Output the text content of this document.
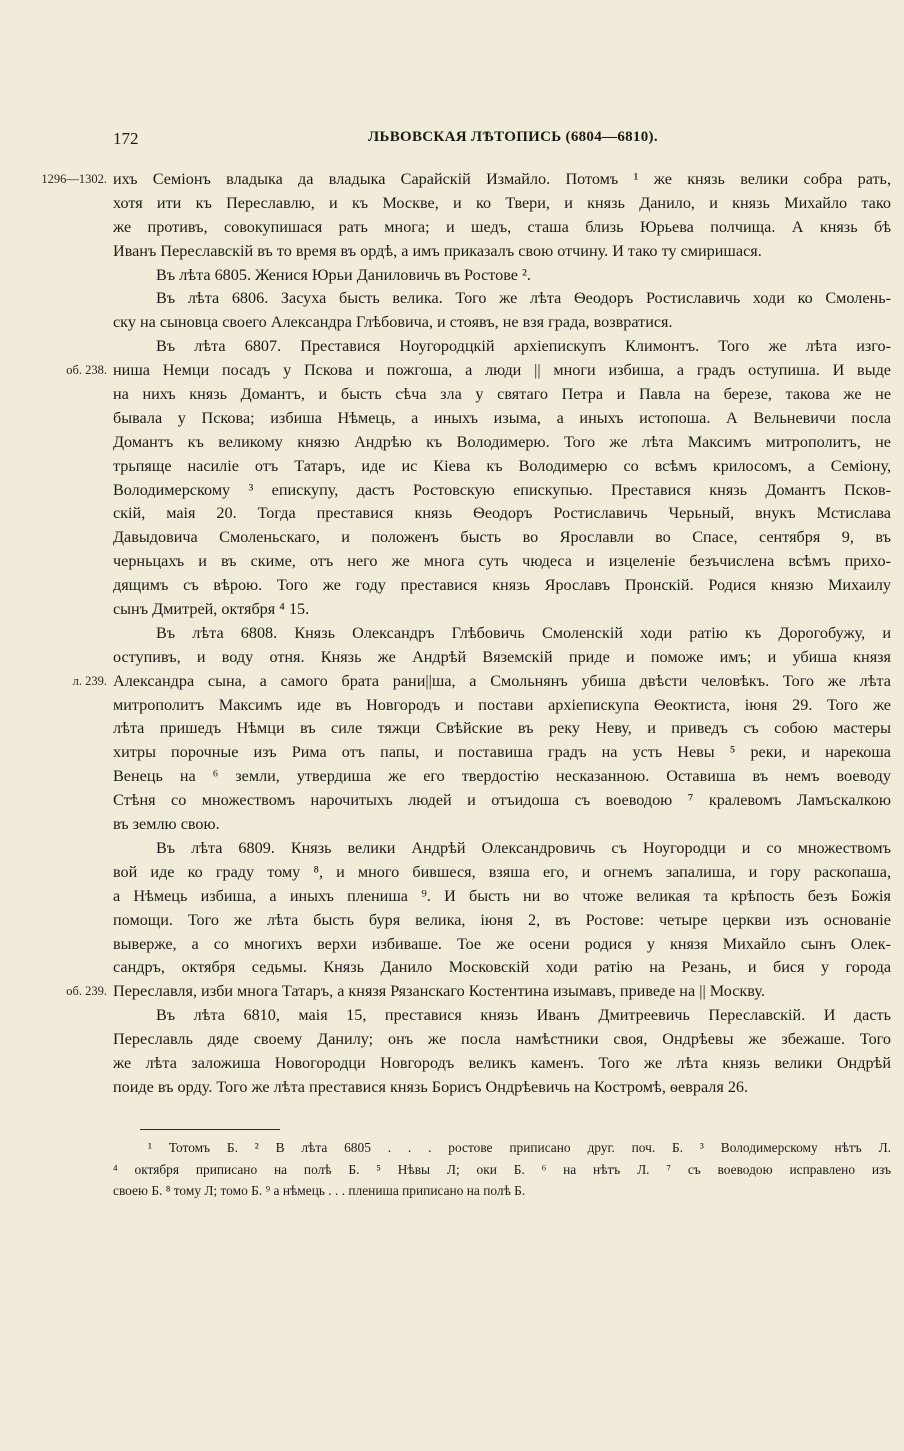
172	ЛЬВОВСКАЯ ЛѢТОПИСЬ (6804—6810).
ихъ Семіонъ владыка да владыка Сарайскій Измайло. Потомъ ¹ же князь велики собра рать,
1296—1302.
хотя ити къ Переславлю, и къ Москве, и ко Твери, и князь Данило, и князь Михайло тако
же противъ, совокупишася рать многа; и шедъ, сташа близь Юрьева полчища. А князь бѣ
Иванъ Переславскій въ то время въ ордѣ, а имъ приказалъ свою отчину. И тако ту смиришася.
Въ лѣта 6805. Женися Юрьи Даниловичь въ Ростове ².
Въ лѣта 6806. Засуха бысть велика. Того же лѣта Ѳеодоръ Ростиславичь ходи ко Смолень-
ску на сыновца своего Александра Глѣбовича, и стоявъ, не взя града, возвратися.
Въ лѣта 6807. Преставися Ноугородцкій архіепискупъ Климонтъ. Того же лѣта изго-
ниша Немци посадъ у Пскова и пожгоша, а люди || многи избиша, а градъ оступиша. И выде
об. 238.
на нихъ князь Домантъ, и бысть сѣча зла у святаго Петра и Павла на березе, такова же не
бывала у Пскова; избиша Нѣмець, а иныхъ изыма, а иныхъ истопоша. А Вельневичи посла
Домантъ къ великому князю Андрѣю къ Володимерю. Того же лѣта Максимъ митрополитъ, не
трьпяще насиліе отъ Татаръ, иде ис Кіева къ Володимерю со всѣмъ крилосомъ, а Семіону,
Володимерскому ³ епискупу, дастъ Ростовскую епискупью. Преставися князь Домантъ Псков-
скій, маія 20. Тогда преставися князь Ѳеодоръ Ростиславичь Черьный, внукъ Мстислава
Давыдовича Смоленьскаго, и положенъ бысть во Ярославли во Спасе, сентября 9, въ
черньцахъ и въ скиме, отъ него же многа суть чюдеса и изцеленіе безъчислена всѣмъ прихо-
дящимъ съ вѣрою. Того же году преставися князь Ярославъ Пронскій. Родися князю Михаилу
сынъ Дмитрей, октября ⁴ 15.
Въ лѣта 6808. Князь Олександръ Глѣбовичь Смоленскій ходи ратію къ Дорогобужу, и
оступивъ, и воду отня. Князь же Андрѣй Вяземскій приде и поможе имъ; и убиша князя
Александра сына, а самого брата рани||ша, а Смольнянъ убиша двѣсти человѣкъ. Того же лѣта
л. 239.
митрополитъ Максимъ иде въ Новгородъ и постави архіепискупа Ѳеоктиста, іюня 29. Того же
лѣта пришедъ Нѣмци въ силе тяжци Свѣйские въ реку Неву, и приведъ съ собою мастеры
хитры порочные изъ Рима отъ папы, и поставиша градъ на усть Невы ⁵ реки, и нарекоша
Венець на ⁶ земли, утвердиша же его твердостію несказанною. Оставиша въ немъ воеводу
Стѣня со множествомъ нарочитыхъ людей и отъидоша съ воеводою ⁷ кралевомъ Ламъскалкою
въ землю свою.
Въ лѣта 6809. Князь велики Андрѣй Олександровичь съ Ноугородци и со множествомъ
вой иде ко граду тому ⁸, и много бившеся, взяша его, и огнемъ запалиша, и гору раскопаша,
а Нѣмець избиша, а иныхъ плениша ⁹. И бысть ни во чтоже великая та крѣпость безъ Божія
помощи. Того же лѣта бысть буря велика, іюня 2, въ Ростове: четыре церкви изъ основаніе
выверже, а со многихъ верхи избиваше. Тое же осени родися у князя Михайло сынъ Олек-
сандръ, октября седьмы. Князь Данило Московскій ходи ратію на Резань, и бися у города
Переславля, изби многа Татаръ, а князя Рязанскаго Костентина изымавъ, приведе на || Москву.
об. 239.
Въ лѣта 6810, маія 15, преставися князь Иванъ Дмитреевичь Переславскій. И дасть
Переславль дяде своему Данилу; онъ же посла намѣстники своя, Ондрѣевы же збежаше. Того
же лѣта заложиша Новогородци Новгородъ великъ каменъ. Того же лѣта князь велики Ондрѣй
поиде въ орду. Того же лѣта преставися князь Борисъ Ондрѣевичь на Костромѣ, ѳевраля 26.
¹ Тотомъ Б. ² В лѣта 6805 . . . ростове приписано друг. поч. Б. ³ Володимерскому нѣтъ Л.
⁴ октября приписано на полѣ Б. ⁵ Нѣвы Л; оки Б. ⁶ на нѣтъ Л. ⁷ съ воеводою исправлено изъ
своею Б. ⁸ тому Л; томо Б. ⁹ а нѣмець . . . плениша приписано на полѣ Б.
